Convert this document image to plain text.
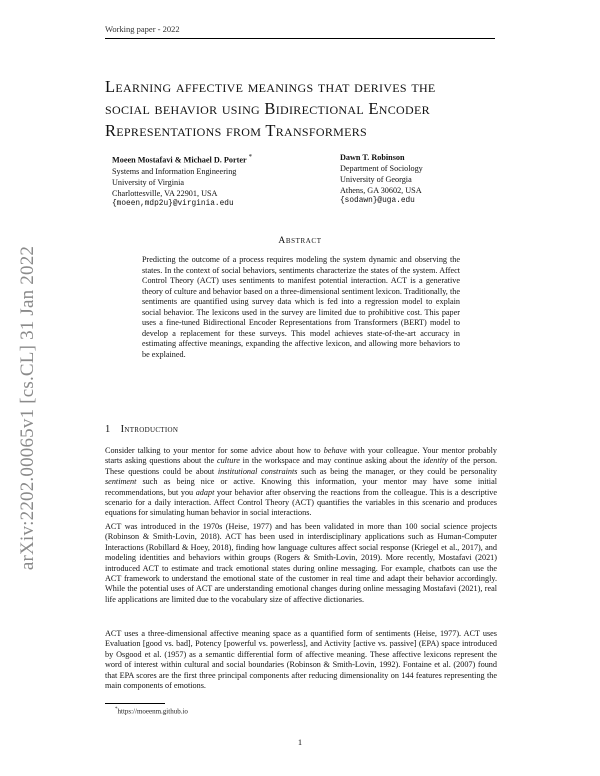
Working paper - 2022
arXiv:2202.00065v1 [cs.CL] 31 Jan 2022
Learning affective meanings that derives the
social behavior using Bidirectional Encoder
Representations from Transformers
Moeen Mostafavi & Michael D. Porter *
Systems and Information Engineering
University of Virginia
Charlottesville, VA 22901, USA
{moeen,mdp2u}@virginia.edu
Dawn T. Robinson
Department of Sociology
University of Georgia
Athens, GA 30602, USA
{sodawn}@uga.edu
Abstract
Predicting the outcome of a process requires modeling the system dynamic and observing the states. In the context of social behaviors, sentiments characterize the states of the system. Affect Control Theory (ACT) uses sentiments to manifest potential interaction. ACT is a generative theory of culture and behavior based on a three-dimensional sentiment lexicon. Traditionally, the sentiments are quantified using survey data which is fed into a regression model to explain social behavior. The lexicons used in the survey are limited due to prohibitive cost. This paper uses a fine-tuned Bidirectional Encoder Representations from Transformers (BERT) model to develop a replacement for these surveys. This model achieves state-of-the-art accuracy in estimating affective meanings, expanding the affective lexicon, and allowing more behaviors to be explained.
1 Introduction
Consider talking to your mentor for some advice about how to behave with your colleague. Your mentor probably starts asking questions about the culture in the workspace and may continue asking about the identity of the person. These questions could be about institutional constraints such as being the manager, or they could be personality sentiment such as being nice or active. Knowing this information, your mentor may have some initial recommendations, but you adapt your behavior after observing the reactions from the colleague. This is a descriptive scenario for a daily interaction. Affect Control Theory (ACT) quantifies the variables in this scenario and produces equations for simulating human behavior in social interactions.
ACT was introduced in the 1970s (Heise, 1977) and has been validated in more than 100 social science projects (Robinson & Smith-Lovin, 2018). ACT has been used in interdisciplinary applications such as Human-Computer Interactions (Robillard & Hoey, 2018), finding how language cultures affect social response (Kriegel et al., 2017), and modeling identities and behaviors within groups (Rogers & Smith-Lovin, 2019). More recently, Mostafavi (2021) introduced ACT to estimate and track emotional states during online messaging. For example, chatbots can use the ACT framework to understand the emotional state of the customer in real time and adapt their behavior accordingly. While the potential uses of ACT are understanding emotional changes during online messaging Mostafavi (2021), real life applications are limited due to the vocabulary size of affective dictionaries.
ACT uses a three-dimensional affective meaning space as a quantified form of sentiments (Heise, 1977). ACT uses Evaluation [good vs. bad], Potency [powerful vs. powerless], and Activity [active vs. passive] (EPA) space introduced by Osgood et al. (1957) as a semantic differential form of affective meaning. These affective lexicons represent the word of interest within cultural and social boundaries (Robinson & Smith-Lovin, 1992). Fontaine et al. (2007) found that EPA scores are the first three principal components after reducing dimensionality on 144 features representing the main components of emotions.
*https://moeenm.github.io
1
